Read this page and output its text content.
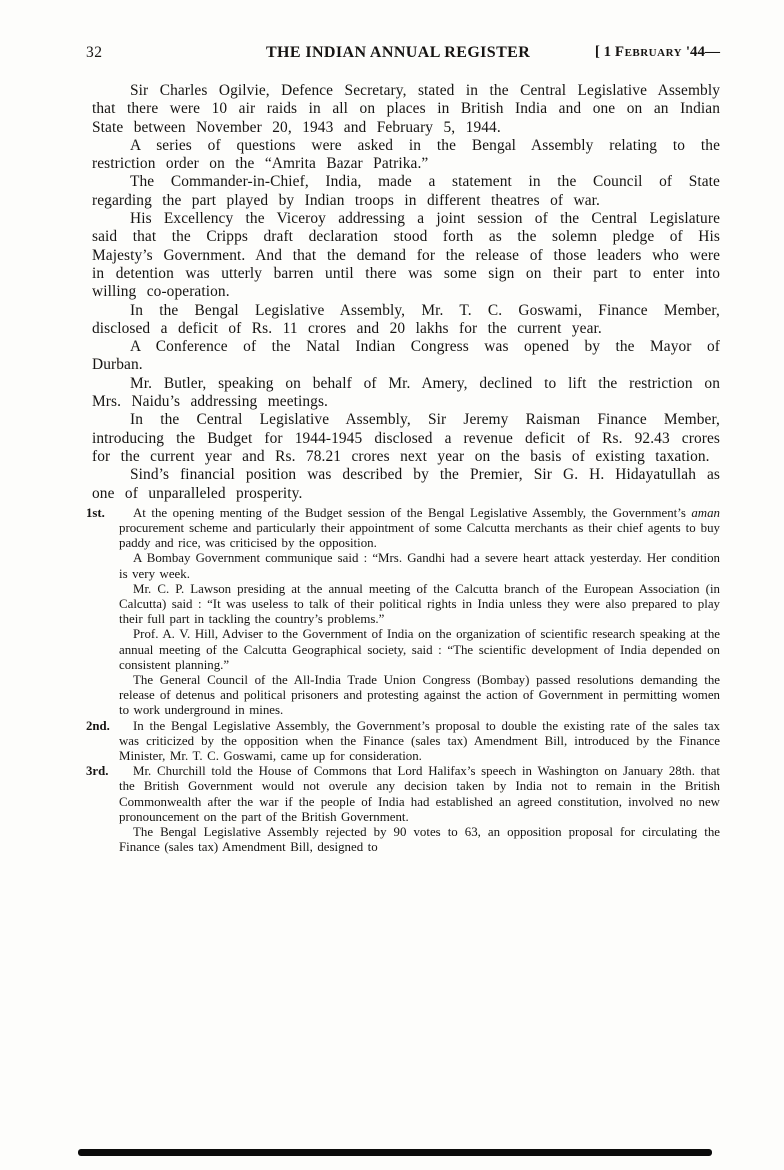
32	THE INDIAN ANNUAL REGISTER	[ 1 February '44—

Sir Charles Ogilvie, Defence Secretary, stated in the Central Legislative Assembly that there were 10 air raids in all on places in British India and one on an Indian State between November 20, 1943 and February 5, 1944.

A series of questions were asked in the Bengal Assembly relating to the restriction order on the “Amrita Bazar Patrika.”

The Commander-in-Chief, India, made a statement in the Council of State regarding the part played by Indian troops in different theatres of war.

His Excellency the Viceroy addressing a joint session of the Central Legislature said that the Cripps draft declaration stood forth as the solemn pledge of His Majesty’s Government. And that the demand for the release of those leaders who were in detention was utterly barren until there was some sign on their part to enter into willing co-operation.

In the Bengal Legislative Assembly, Mr. T. C. Goswami, Finance Member, disclosed a deficit of Rs. 11 crores and 20 lakhs for the current year.

A Conference of the Natal Indian Congress was opened by the Mayor of Durban.

Mr. Butler, speaking on behalf of Mr. Amery, declined to lift the restriction on Mrs. Naidu’s addressing meetings.

In the Central Legislative Assembly, Sir Jeremy Raisman Finance Member, introducing the Budget for 1944-1945 disclosed a revenue deficit of Rs. 92.43 crores for the current year and Rs. 78.21 crores next year on the basis of existing taxation.

Sind’s financial position was described by the Premier, Sir G. H. Hidayatullah as one of unparalleled prosperity.

1st.	At the opening menting of the Budget session of the Bengal Legislative Assembly, the Government’s aman procurement scheme and particularly their appointment of some Calcutta merchants as their chief agents to buy paddy and rice, was criticised by the opposition.

A Bombay Government communique said : “Mrs. Gandhi had a severe heart attack yesterday. Her condition is very week.

Mr. C. P. Lawson presiding at the annual meeting of the Calcutta branch of the European Association (in Calcutta) said : “It was useless to talk of their political rights in India unless they were also prepared to play their full part in tackling the country’s problems.”

Prof. A. V. Hill, Adviser to the Government of India on the organization of scientific research speaking at the annual meeting of the Calcutta Geographical society, said : “The scientific development of India depended on consistent planning.”

The General Council of the All-India Trade Union Congress (Bombay) passed resolutions demanding the release of detenus and political prisoners and protesting against the action of Government in permitting women to work underground in mines.

2nd.	In the Bengal Legislative Assembly, the Government’s proposal to double the existing rate of the sales tax was criticized by the opposition when the Finance (sales tax) Amendment Bill, introduced by the Finance Minister, Mr. T. C. Goswami, came up for consideration.

3rd.	Mr. Churchill told the House of Commons that Lord Halifax’s speech in Washington on January 28th. that the British Government would not overule any decision taken by India not to remain in the British Commonwealth after the war if the people of India had established an agreed constitution, involved no new pronouncement on the part of the British Government.

The Bengal Legislative Assembly rejected by 90 votes to 63, an opposition proposal for circulating the Finance (sales tax) Amendment Bill, designed to
